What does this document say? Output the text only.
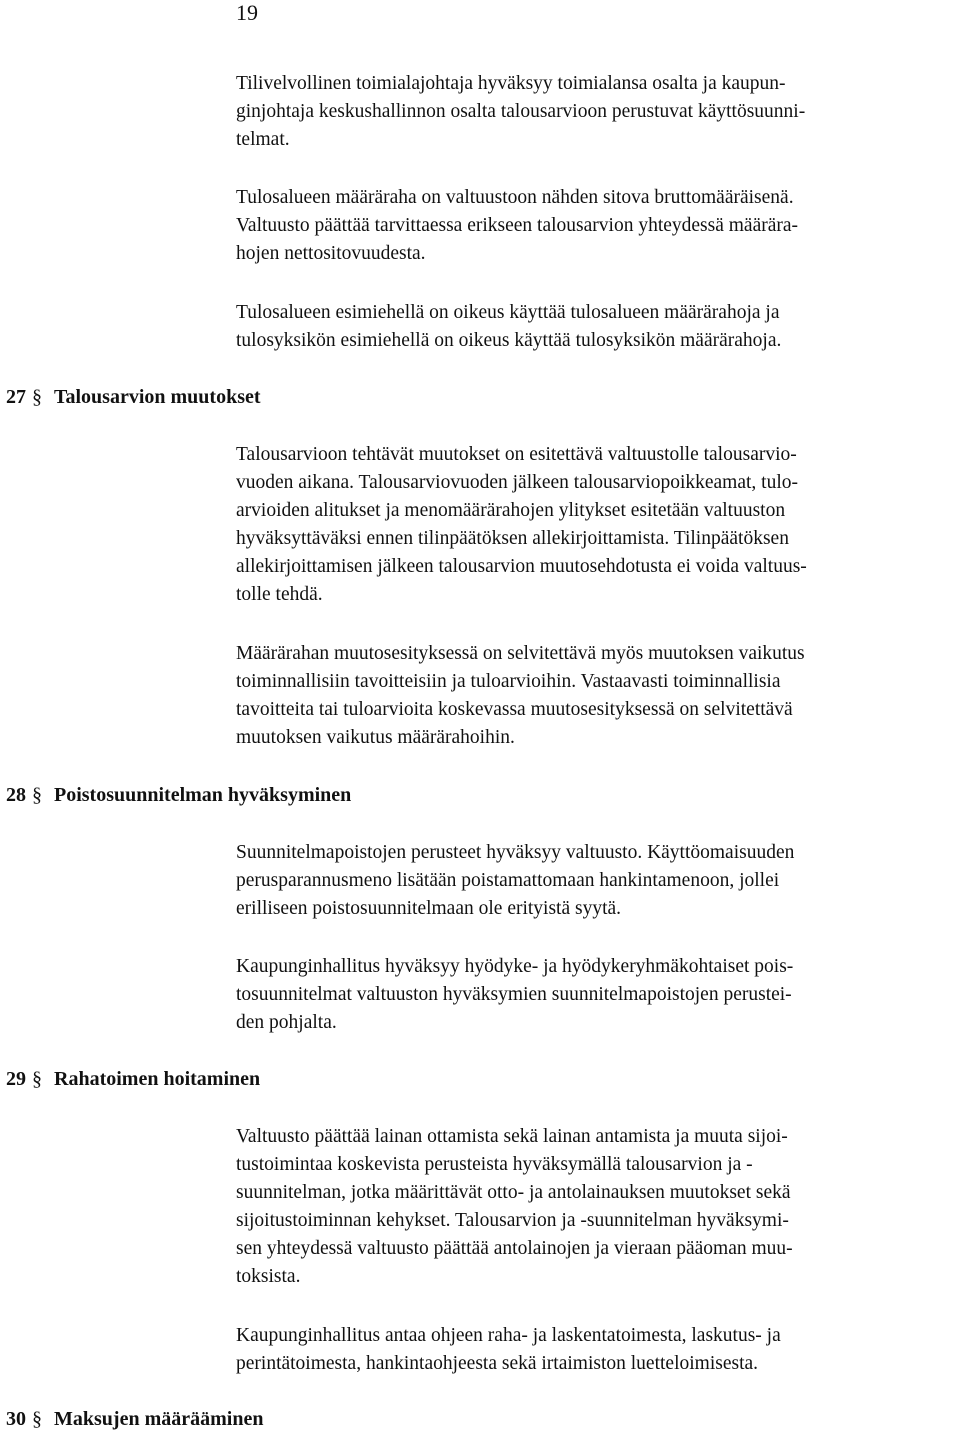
19

Tilivelvollinen toimialajohtaja hyväksyy toimialansa osalta ja kaupun-
ginjohtaja keskushallinnon osalta talousarvioon perustuvat käyttösuunni-
telmat.

Tulosalueen määräraha on valtuustoon nähden sitova bruttomääräisenä.
Valtuusto päättää tarvittaessa erikseen talousarvion yhteydessä määrära-
hojen nettositovuudesta.

Tulosalueen esimiehellä on oikeus käyttää tulosalueen määrärahoja ja
tulosyksikön esimiehellä on oikeus käyttää tulosyksikön määrärahoja.

27 § Talousarvion muutokset

Talousarvioon tehtävät muutokset on esitettävä valtuustolle talousarvio-
vuoden aikana. Talousarviovuoden jälkeen talousarviopoikkeamat, tulo-
arvioiden alitukset ja menomäärärahojen ylitykset esitetään valtuuston
hyväksyttäväksi ennen tilinpäätöksen allekirjoittamista. Tilinpäätöksen
allekirjoittamisen jälkeen talousarvion muutosehdotusta ei voida valtuus-
tolle tehdä.

Määrärahan muutosesityksessä on selvitettävä myös muutoksen vaikutus
toiminnallisiin tavoitteisiin ja tuloarvioihin. Vastaavasti toiminnallisia
tavoitteita tai tuloarvioita koskevassa muutosesityksessä on selvitettävä
muutoksen vaikutus määrärahoihin.

28 § Poistosuunnitelman hyväksyminen

Suunnitelmapoistojen perusteet hyväksyy valtuusto. Käyttöomaisuuden
perusparannusmeno lisätään poistamattomaan hankintamenoon, jollei
erilliseen poistosuunnitelmaan ole erityistä syytä.

Kaupunginhallitus hyväksyy hyödyke- ja hyödykeryhmäkohtaiset pois-
tosuunnitelmat valtuuston hyväksymien suunnitelmapoistojen perustei-
den pohjalta.

29 § Rahatoimen hoitaminen

Valtuusto päättää lainan ottamista sekä lainan antamista ja muuta sijoi-
tustoimintaa koskevista perusteista hyväksymällä talousarvion ja -
suunnitelman, jotka määrittävät otto- ja antolainauksen muutokset sekä
sijoitustoiminnan kehykset. Talousarvion ja -suunnitelman hyväksymi-
sen yhteydessä valtuusto päättää antolainojen ja vieraan pääoman muu-
toksista.

Kaupunginhallitus antaa ohjeen raha- ja laskentatoimesta, laskutus- ja
perintätoimesta, hankintaohjeesta sekä irtaimiston luetteloimisesta.

30 § Maksujen määrääminen
